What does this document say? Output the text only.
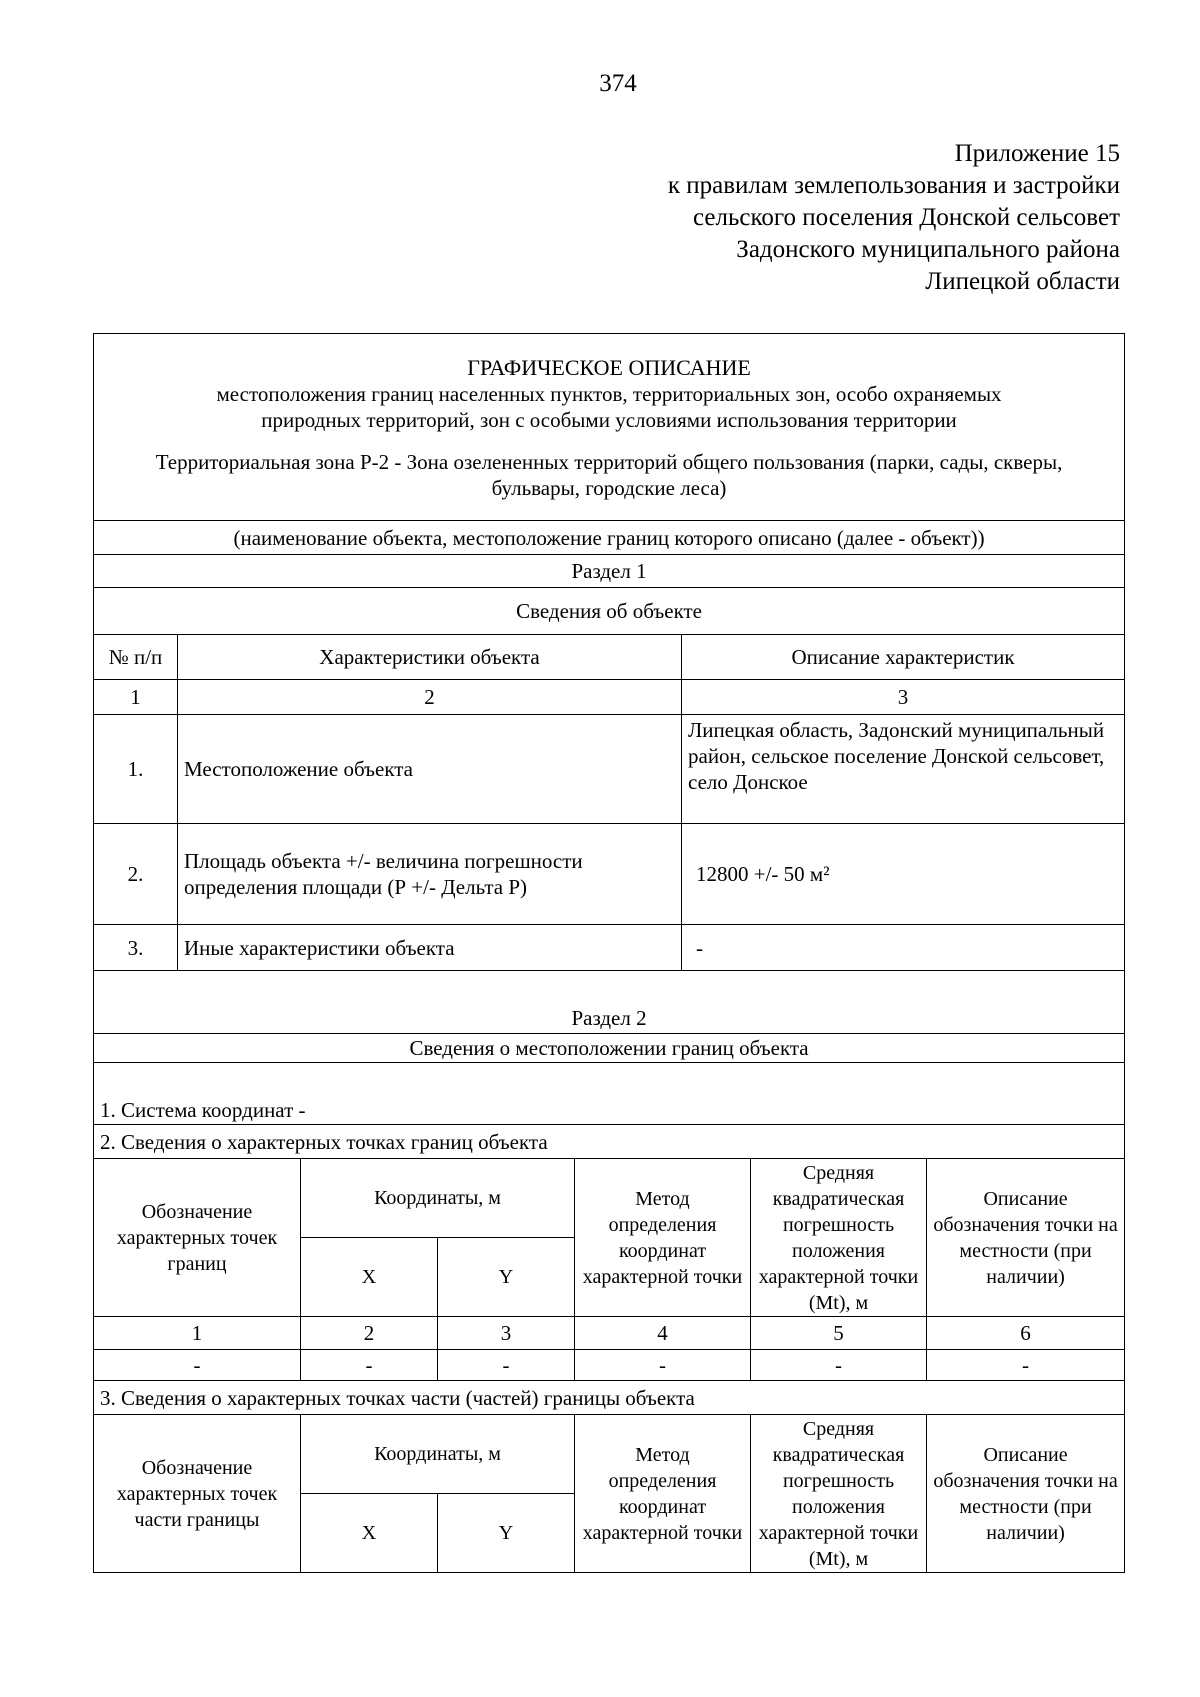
374
Приложение 15
к правилам землепользования и застройки
сельского поселения Донской сельсовет
Задонского муниципального района
Липецкой области
ГРАФИЧЕСКОЕ ОПИСАНИЕ
местоположения границ населенных пунктов, территориальных зон, особо охраняемых природных территорий, зон с особыми условиями использования территории
Территориальная зона Р-2 - Зона озелененных территорий общего пользования (парки, сады, скверы, бульвары, городские леса)							

(наименование объекта, местоположение границ которого описано (далее - объект))							
Раздел 1							
Сведения об объекте							
№ п/п	Характеристики объекта				Описание характеристик		
1	2				3		
1.	Местоположение объекта				Липецкая область, Задонский муниципальный район, сельское поселение Донской сельсовет, село Донское		
2.	Площадь объекта +/- величина погрешности определения площади (Р +/- Дельта Р)				12800 +/- 50 м²		
3.	Иные характеристики объекта				-		
Раздел 2							
Сведения о местоположении границ объекта							
1. Система координат -							
2. Сведения о характерных точках границ объекта							
Обозначение характерных точек границ		Координаты, м		Метод определения координат характерной точки		Средняя квадратическая погрешность положения характерной точки (Mt), м	Описание обозначения точки на местности (при наличии)
		X	Y				
1		2	3	4		5	6
-		-	-	-		-	-
3. Сведения о характерных точках части (частей) границы объекта							
Обозначение характерных точек части границы		Координаты, м		Метод определения координат характерной точки		Средняя квадратическая погрешность положения характерной точки (Mt), м	Описание обозначения точки на местности (при наличии)
		X	Y				
